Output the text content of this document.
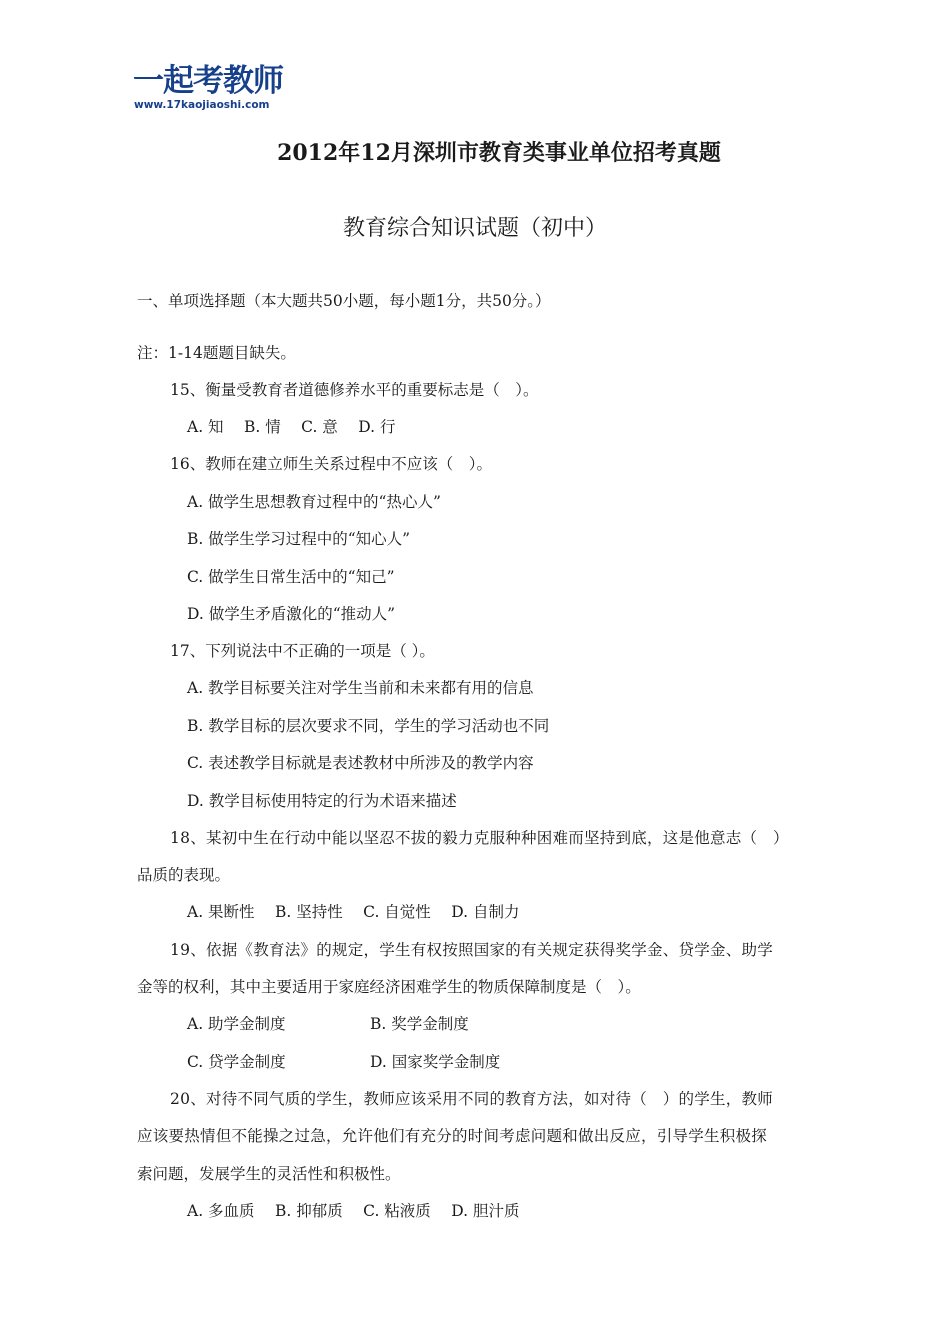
一起考教师
www.17kaojiaoshi.com
2012年12月深圳市教育类事业单位招考真题
教育综合知识试题（初中）
一、单项选择题（本大题共50小题，每小题1分，共50分。）
注：1-14题题目缺失。
15、衡量受教育者道德修养水平的重要标志是（　）。
A. 知　 B. 情　 C. 意　 D. 行
16、教师在建立师生关系过程中不应该（　）。
A. 做学生思想教育过程中的“热心人”
B. 做学生学习过程中的“知心人”
C. 做学生日常生活中的“知己”
D. 做学生矛盾激化的“推动人”
17、下列说法中不正确的一项是（ ）。
A. 教学目标要关注对学生当前和未来都有用的信息
B. 教学目标的层次要求不同，学生的学习活动也不同
C. 表述教学目标就是表述教材中所涉及的教学内容
D. 教学目标使用特定的行为术语来描述
18、某初中生在行动中能以坚忍不拔的毅力克服种种困难而坚持到底，这是他意志（　）
品质的表现。
A. 果断性　 B. 坚持性　 C. 自觉性　 D. 自制力
19、依据《教育法》的规定，学生有权按照国家的有关规定获得奖学金、贷学金、助学
金等的权利，其中主要适用于家庭经济困难学生的物质保障制度是（　）。
A. 助学金制度	B. 奖学金制度
C. 贷学金制度	D. 国家奖学金制度
20、对待不同气质的学生，教师应该采用不同的教育方法，如对待（　）的学生，教师
应该要热情但不能操之过急，允许他们有充分的时间考虑问题和做出反应，引导学生积极探
索问题，发展学生的灵活性和积极性。
A. 多血质　 B. 抑郁质　 C. 粘液质　 D. 胆汁质
